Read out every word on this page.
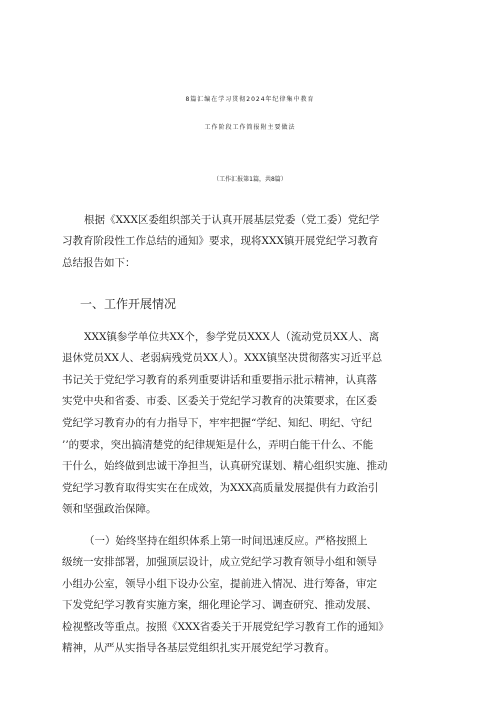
8篇汇编在学习贯彻2024年纪律集中教育
工作阶段工作简报附主要做法
（工作汇报第1篇，共8篇）
根据《XXX区委组织部关于认真开展基层党委（党工委）党纪学
习教育阶段性工作总结的通知》要求，现将XXX镇开展党纪学习教育
总结报告如下：
一、工作开展情况
XXX镇参学单位共XX个，参学党员XXX人（流动党员XX人、离
退休党员XX人、老弱病残党员XX人）。XXX镇坚决贯彻落实习近平总
书记关于党纪学习教育的系列重要讲话和重要指示批示精神，认真落
实党中央和省委、市委、区委关于党纪学习教育的决策要求，在区委
党纪学习教育办的有力指导下，牢牢把握“学纪、知纪、明纪、守纪
’’的要求，突出搞清楚党的纪律规矩是什么，弄明白能干什么、不能
干什么，始终做到忠诚干净担当，认真研究谋划、精心组织实施、推动
党纪学习教育取得实实在在成效，为XXX高质量发展提供有力政治引
领和坚强政治保障。
（一）始终坚持在组织体系上第一时间迅速反应。严格按照上
级统一安排部署，加强顶层设计，成立党纪学习教育领导小组和领导
小组办公室，领导小组下设办公室，提前进入情况、进行筹备，审定
下发党纪学习教育实施方案，细化理论学习、调查研究、推动发展、
检视整改等重点。按照《XXX省委关于开展党纪学习教育工作的通知》
精神，从严从实指导各基层党组织扎实开展党纪学习教育。
